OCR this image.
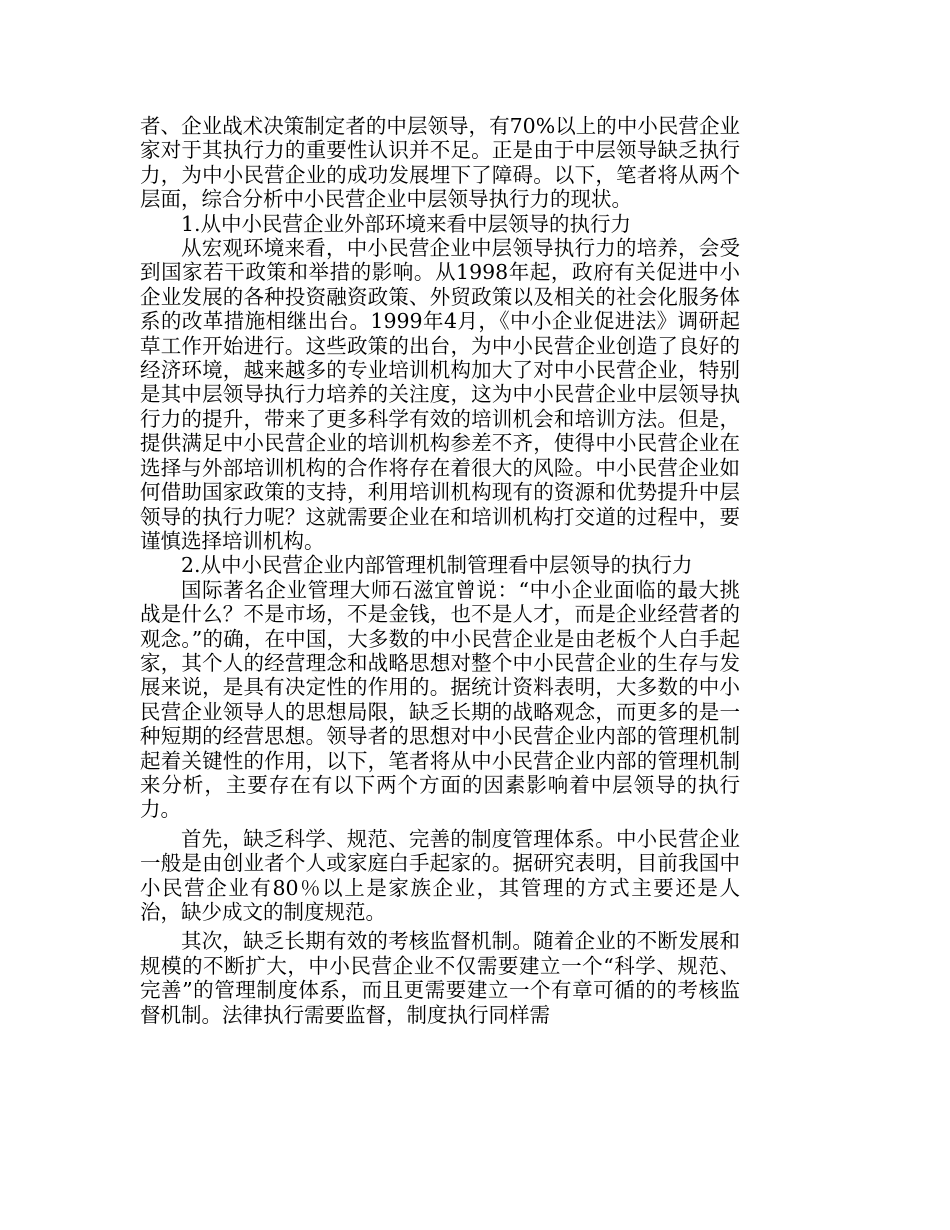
者、企业战术决策制定者的中层领导，有70%以上的中小民营企业家对于其执行力的重要性认识并不足。正是由于中层领导缺乏执行力，为中小民营企业的成功发展埋下了障碍。以下，笔者将从两个层面，综合分析中小民营企业中层领导执行力的现状。

1.从中小民营企业外部环境来看中层领导的执行力

从宏观环境来看，中小民营企业中层领导执行力的培养，会受到国家若干政策和举措的影响。从1998年起，政府有关促进中小企业发展的各种投资融资政策、外贸政策以及相关的社会化服务体系的改革措施相继出台。1999年4月，《中小企业促进法》调研起草工作开始进行。这些政策的出台，为中小民营企业创造了良好的经济环境，越来越多的专业培训机构加大了对中小民营企业，特别是其中层领导执行力培养的关注度，这为中小民营企业中层领导执行力的提升，带来了更多科学有效的培训机会和培训方法。但是，提供满足中小民营企业的培训机构参差不齐，使得中小民营企业在选择与外部培训机构的合作将存在着很大的风险。中小民营企业如何借助国家政策的支持，利用培训机构现有的资源和优势提升中层领导的执行力呢？这就需要企业在和培训机构打交道的过程中，要谨慎选择培训机构。

2.从中小民营企业内部管理机制管理看中层领导的执行力

国际著名企业管理大师石滋宜曾说：“中小企业面临的最大挑战是什么？不是市场，不是金钱，也不是人才，而是企业经营者的观念。”的确，在中国，大多数的中小民营企业是由老板个人白手起家，其个人的经营理念和战略思想对整个中小民营企业的生存与发展来说，是具有决定性的作用的。据统计资料表明，大多数的中小民营企业领导人的思想局限，缺乏长期的战略观念，而更多的是一种短期的经营思想。领导者的思想对中小民营企业内部的管理机制起着关键性的作用，以下，笔者将从中小民营企业内部的管理机制来分析，主要存在有以下两个方面的因素影响着中层领导的执行力。

首先，缺乏科学、规范、完善的制度管理体系。中小民营企业一般是由创业者个人或家庭白手起家的。据研究表明，目前我国中小民营企业有80％以上是家族企业，其管理的方式主要还是人治，缺少成文的制度规范。

其次，缺乏长期有效的考核监督机制。随着企业的不断发展和规模的不断扩大，中小民营企业不仅需要建立一个“科学、规范、完善”的管理制度体系，而且更需要建立一个有章可循的的考核监督机制。法律执行需要监督，制度执行同样需
